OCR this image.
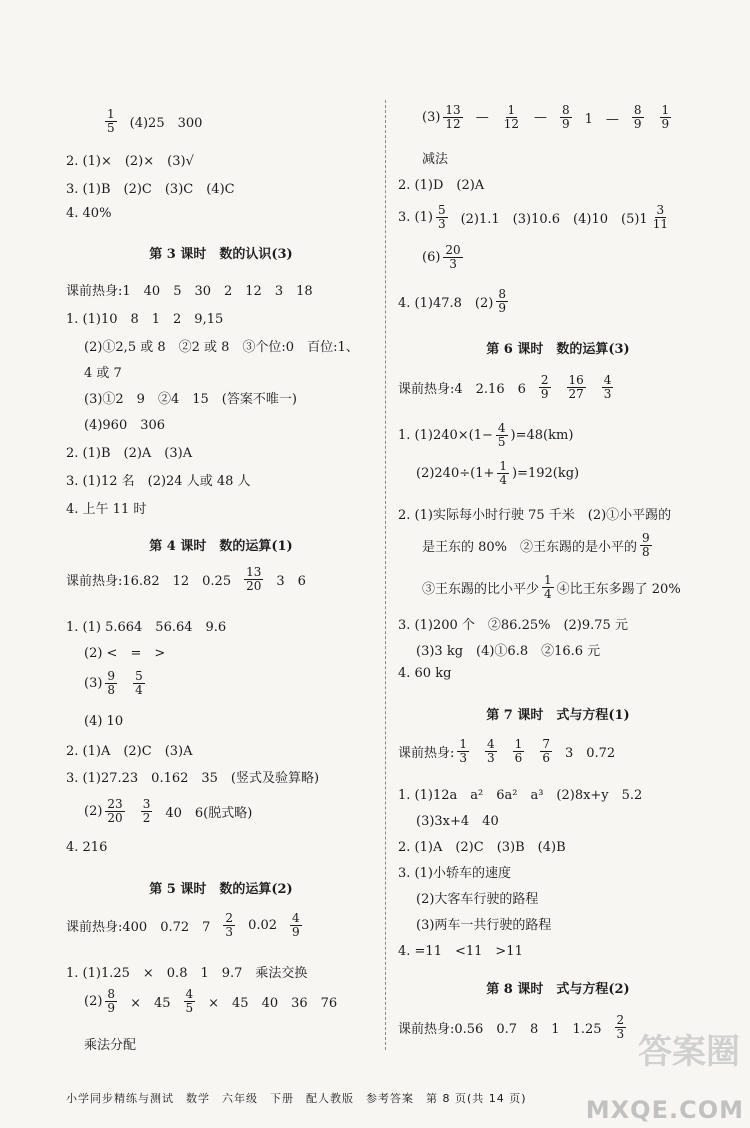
$\frac{1}{5} (4)25$　300
2. (1)×　(2)×　(3)√
3. (1)B　(2)C　(3)C　(4)C
4. 40%
第 3 课时　数的认识(3)
课前热身:1　40　5　30　2　12　3　18
1. (1)10　8　1　2　9,15
(2)①2,5 或 8　②2 或 8　③个位:0　百位:1、
4 或 7
(3)①2　9　②4　15　(答案不唯一)
(4)960　306
2. (1)B　(2)A　(3)A
3. (1)12 名　(2)24 人或 48 人
4. 上午 11 时
第 4 课时　数的运算(1)
课前热身:16.82　12　$0.25 \frac{13}{20} 3$　6
1. (1) 5.664　56.64　9.6
(2) <　=　>
$(3) \frac{9}{8} \frac{5}{4}$
(4) 10
2. (1)A　(2)C　(3)A
3. (1)27.23　0.162　35　(竖式及验算略)
$(2) \frac{23}{20} \frac{3}{2} 40$　6(脱式略)
4. 216
第 5 课时　数的运算(2)
课前热身:400　0.72　$7 \frac{2}{3} 0.02 \frac{4}{9}$
1. (1)1.25　×　0.8　1　9.7　乘法交换
$(2) \frac{8}{9}$ ×　$45 \frac{4}{5}$ ×　45　40　36　76
乘法分配
$(3) \frac{13}{12}$ — $\frac{1}{12}$ — $\frac{8}{9} 1$　— $\frac{8}{9} \frac{1}{9}$
减法
2. (1)D　(2)A
3. $(1) \frac{5}{3} (2)1.1$　(3)10.6　(4)10　$(5)1 \frac{3}{11}$
$(6) \frac{20}{3}$
4. (1)47.8　$(2) \frac{8}{9}$
第 6 课时　数的运算(3)
课前热身:4　2.16　$6 \frac{2}{9} \frac{16}{27} \frac{4}{3}$
1. $(1)240\times(1- \frac{4}{5} )=48(km)$
$(2)240\div(1+ \frac{1}{4} )=192(kg)$
2. (1)实际每小时行驶 75 千米　(2)①小平踢的
是王东的 80%　②王东踢的是小平的 $\frac{9}{8}$
③王东踢的比小平少 $\frac{1}{4}$ ④比王东多踢了 20%
3. (1)200 个　②86.25%　(2)9.75 元
(3)3 kg　(4)①6.8　②16.6 元
4. 60 kg
第 7 课时　式与方程(1)
课前热身: $\frac{1}{3} \frac{4}{3} \frac{1}{6} \frac{7}{6} 3$　0.72
1. (1)12a　a²　6a²　a³　(2)8x+y　5.2
(3)3x+4　40
2. (1)A　(2)C　(3)B　(4)B
3. (1)小轿车的速度
(2)大客车行驶的路程
(3)两车一共行驶的路程
4. =11　<11　>11
第 8 课时　式与方程(2)
课前热身:0.56　0.7　8　1　$1.25 \frac{2}{3}$
小学同步精练与测试　数学　六年级　下册　配人教版　参考答案　第 8 页(共 14 页)
答案圈
MXQE.COM
